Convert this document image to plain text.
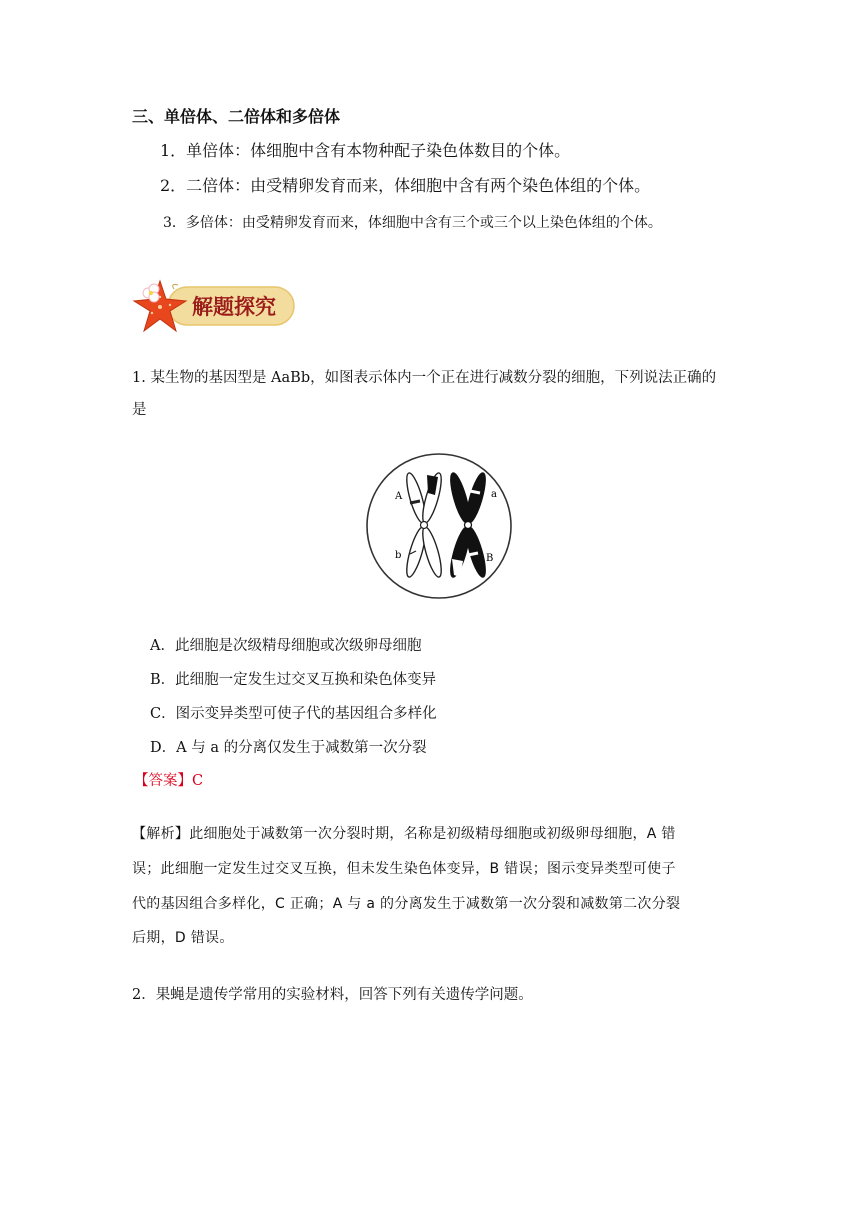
三、单倍体、二倍体和多倍体
1．单倍体：体细胞中含有本物种配子染色体数目的个体。
2．二倍体：由受精卵发育而来，体细胞中含有两个染色体组的个体。
3．多倍体：由受精卵发育而来，体细胞中含有三个或三个以上染色体组的个体。
解题探究
1. 某生物的基因型是 AaBb，如图表示体内一个正在进行减数分裂的细胞，下列说法正确的
是
A	a
b	B
A．此细胞是次级精母细胞或次级卵母细胞
B．此细胞一定发生过交叉互换和染色体变异
C．图示变异类型可使子代的基因组合多样化
D．A 与 a 的分离仅发生于减数第一次分裂
【答案】C
【解析】此细胞处于减数第一次分裂时期，名称是初级精母细胞或初级卵母细胞，A 错
误；此细胞一定发生过交叉互换，但未发生染色体变异，B 错误；图示变异类型可使子
代的基因组合多样化，C 正确；A 与 a 的分离发生于减数第一次分裂和减数第二次分裂
后期，D 错误。
2．果蝇是遗传学常用的实验材料，回答下列有关遗传学问题。
